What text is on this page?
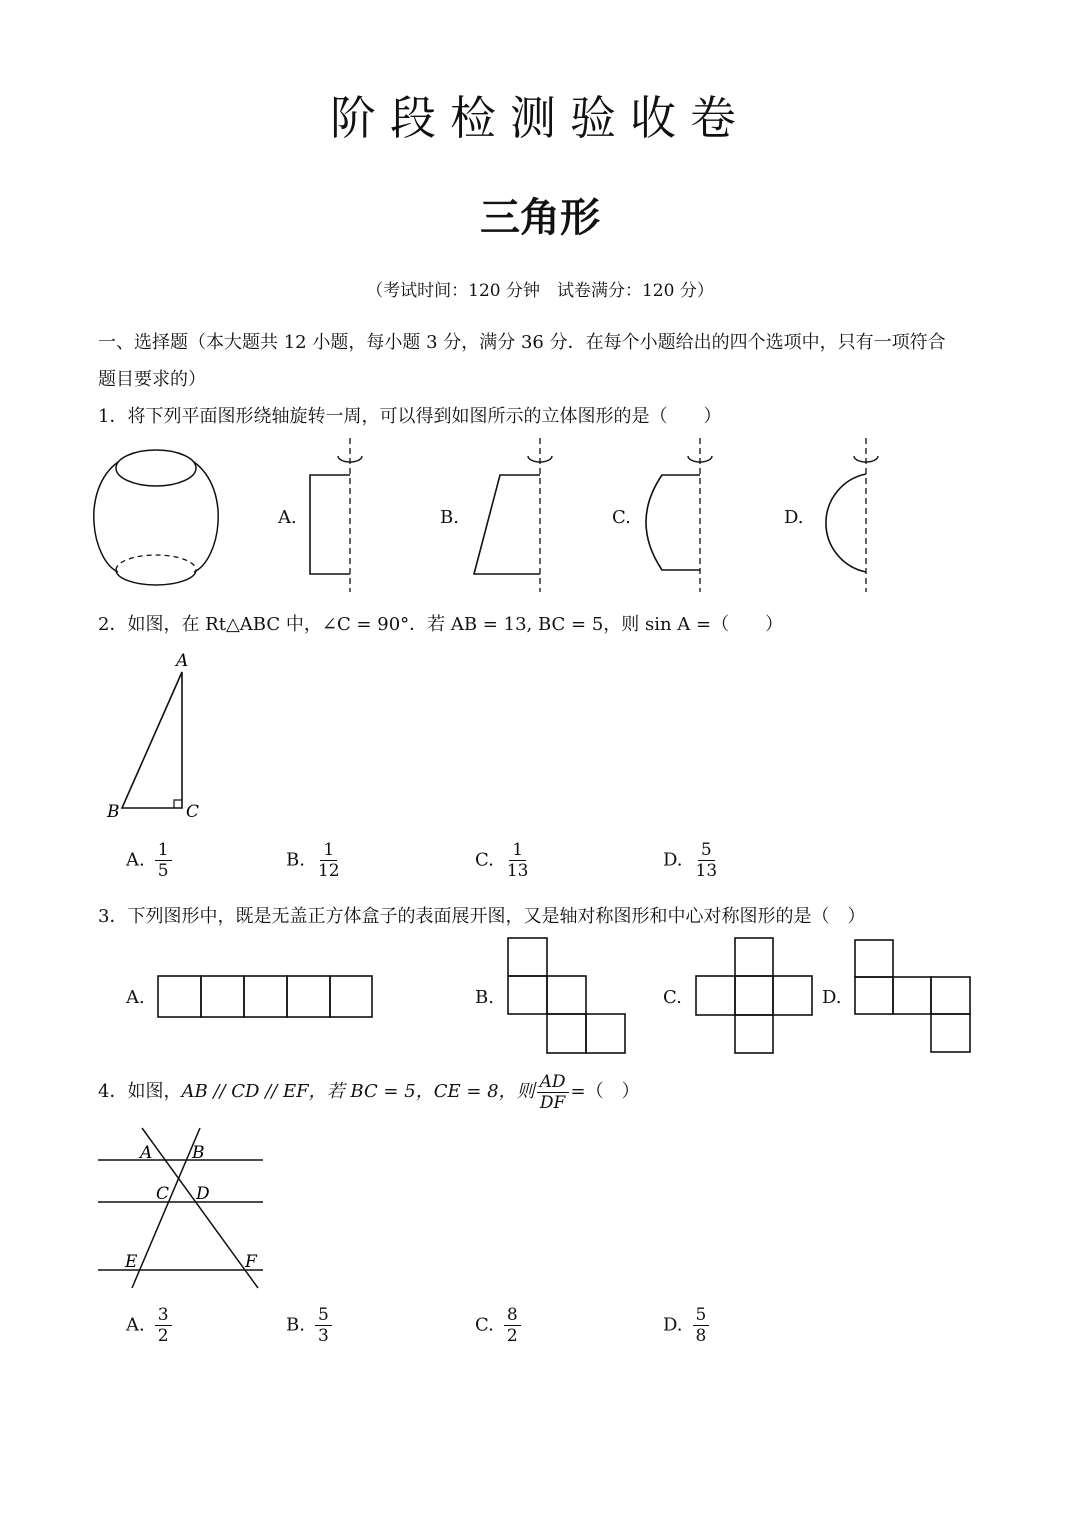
阶段检测验收卷
三角形
（考试时间：120 分钟　试卷满分：120 分）
一、选择题（本大题共 12 小题，每小题 3 分，满分 36 分．在每个小题给出的四个选项中，只有一项符合
题目要求的）
1．将下列平面图形绕轴旋转一周，可以得到如图所示的立体图形的是（　　）
A.	B.	C.	D.
2．如图，在 Rt△ABC 中，∠C = 90°．若 AB = 13, BC = 5，则 sin A =（　　）
A
B	C
A. $\frac{1}{5}$	B. $\frac{1}{12}$	C. $\frac{1}{13}$	D. $\frac{5}{13}$
3．下列图形中，既是无盖正方体盒子的表面展开图，又是轴对称图形和中心对称图形的是（　）
A.	B.	C.	D.
4．如图，AB // CD // EF，若 BC = 5，CE = 8，则 $\frac{AD}{DF}$ =（　）
A B
C D
E	F
A. $\frac{3}{2}$	B. $\frac{5}{3}$	C. $\frac{8}{2}$	D. $\frac{5}{8}$
